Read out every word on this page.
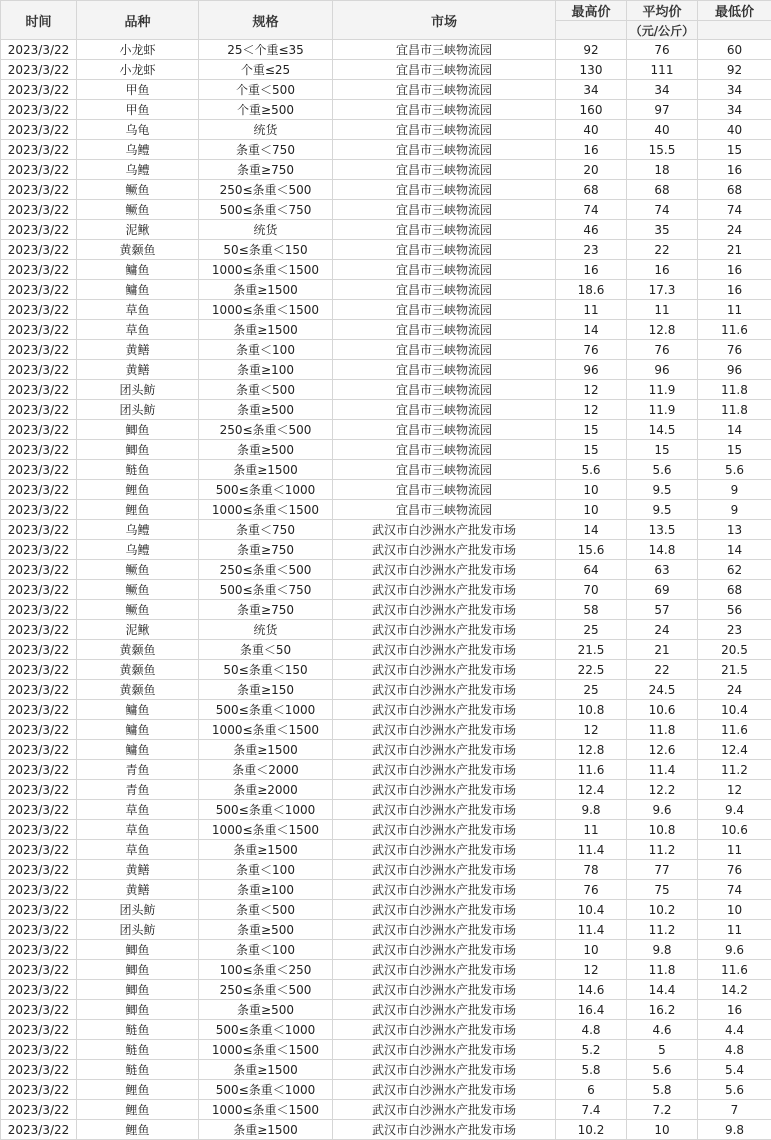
时间	品种	规格	市场	最高价	平均价	最低价
					（元/公斤）	
2023/3/22	小龙虾	25＜个重≤35	宜昌市三峡物流园	92	76	60
2023/3/22	小龙虾	个重≤25	宜昌市三峡物流园	130	111	92
2023/3/22	甲鱼	个重＜500	宜昌市三峡物流园	34	34	34
2023/3/22	甲鱼	个重≥500	宜昌市三峡物流园	160	97	34
2023/3/22	乌龟	统货	宜昌市三峡物流园	40	40	40
2023/3/22	乌鳢	条重＜750	宜昌市三峡物流园	16	15.5	15
2023/3/22	乌鳢	条重≥750	宜昌市三峡物流园	20	18	16
2023/3/22	鳜鱼	250≤条重＜500	宜昌市三峡物流园	68	68	68
2023/3/22	鳜鱼	500≤条重＜750	宜昌市三峡物流园	74	74	74
2023/3/22	泥鳅	统货	宜昌市三峡物流园	46	35	24
2023/3/22	黄颡鱼	50≤条重＜150	宜昌市三峡物流园	23	22	21
2023/3/22	鳙鱼	1000≤条重＜1500	宜昌市三峡物流园	16	16	16
2023/3/22	鳙鱼	条重≥1500	宜昌市三峡物流园	18.6	17.3	16
2023/3/22	草鱼	1000≤条重＜1500	宜昌市三峡物流园	11	11	11
2023/3/22	草鱼	条重≥1500	宜昌市三峡物流园	14	12.8	11.6
2023/3/22	黄鳝	条重＜100	宜昌市三峡物流园	76	76	76
2023/3/22	黄鳝	条重≥100	宜昌市三峡物流园	96	96	96
2023/3/22	团头鲂	条重＜500	宜昌市三峡物流园	12	11.9	11.8
2023/3/22	团头鲂	条重≥500	宜昌市三峡物流园	12	11.9	11.8
2023/3/22	鲫鱼	250≤条重＜500	宜昌市三峡物流园	15	14.5	14
2023/3/22	鲫鱼	条重≥500	宜昌市三峡物流园	15	15	15
2023/3/22	鲢鱼	条重≥1500	宜昌市三峡物流园	5.6	5.6	5.6
2023/3/22	鲤鱼	500≤条重＜1000	宜昌市三峡物流园	10	9.5	9
2023/3/22	鲤鱼	1000≤条重＜1500	宜昌市三峡物流园	10	9.5	9
2023/3/22	乌鳢	条重＜750	武汉市白沙洲水产批发市场	14	13.5	13
2023/3/22	乌鳢	条重≥750	武汉市白沙洲水产批发市场	15.6	14.8	14
2023/3/22	鳜鱼	250≤条重＜500	武汉市白沙洲水产批发市场	64	63	62
2023/3/22	鳜鱼	500≤条重＜750	武汉市白沙洲水产批发市场	70	69	68
2023/3/22	鳜鱼	条重≥750	武汉市白沙洲水产批发市场	58	57	56
2023/3/22	泥鳅	统货	武汉市白沙洲水产批发市场	25	24	23
2023/3/22	黄颡鱼	条重＜50	武汉市白沙洲水产批发市场	21.5	21	20.5
2023/3/22	黄颡鱼	50≤条重＜150	武汉市白沙洲水产批发市场	22.5	22	21.5
2023/3/22	黄颡鱼	条重≥150	武汉市白沙洲水产批发市场	25	24.5	24
2023/3/22	鳙鱼	500≤条重＜1000	武汉市白沙洲水产批发市场	10.8	10.6	10.4
2023/3/22	鳙鱼	1000≤条重＜1500	武汉市白沙洲水产批发市场	12	11.8	11.6
2023/3/22	鳙鱼	条重≥1500	武汉市白沙洲水产批发市场	12.8	12.6	12.4
2023/3/22	青鱼	条重＜2000	武汉市白沙洲水产批发市场	11.6	11.4	11.2
2023/3/22	青鱼	条重≥2000	武汉市白沙洲水产批发市场	12.4	12.2	12
2023/3/22	草鱼	500≤条重＜1000	武汉市白沙洲水产批发市场	9.8	9.6	9.4
2023/3/22	草鱼	1000≤条重＜1500	武汉市白沙洲水产批发市场	11	10.8	10.6
2023/3/22	草鱼	条重≥1500	武汉市白沙洲水产批发市场	11.4	11.2	11
2023/3/22	黄鳝	条重＜100	武汉市白沙洲水产批发市场	78	77	76
2023/3/22	黄鳝	条重≥100	武汉市白沙洲水产批发市场	76	75	74
2023/3/22	团头鲂	条重＜500	武汉市白沙洲水产批发市场	10.4	10.2	10
2023/3/22	团头鲂	条重≥500	武汉市白沙洲水产批发市场	11.4	11.2	11
2023/3/22	鲫鱼	条重＜100	武汉市白沙洲水产批发市场	10	9.8	9.6
2023/3/22	鲫鱼	100≤条重＜250	武汉市白沙洲水产批发市场	12	11.8	11.6
2023/3/22	鲫鱼	250≤条重＜500	武汉市白沙洲水产批发市场	14.6	14.4	14.2
2023/3/22	鲫鱼	条重≥500	武汉市白沙洲水产批发市场	16.4	16.2	16
2023/3/22	鲢鱼	500≤条重＜1000	武汉市白沙洲水产批发市场	4.8	4.6	4.4
2023/3/22	鲢鱼	1000≤条重＜1500	武汉市白沙洲水产批发市场	5.2	5	4.8
2023/3/22	鲢鱼	条重≥1500	武汉市白沙洲水产批发市场	5.8	5.6	5.4
2023/3/22	鲤鱼	500≤条重＜1000	武汉市白沙洲水产批发市场	6	5.8	5.6
2023/3/22	鲤鱼	1000≤条重＜1500	武汉市白沙洲水产批发市场	7.4	7.2	7
2023/3/22	鲤鱼	条重≥1500	武汉市白沙洲水产批发市场	10.2	10	9.8
